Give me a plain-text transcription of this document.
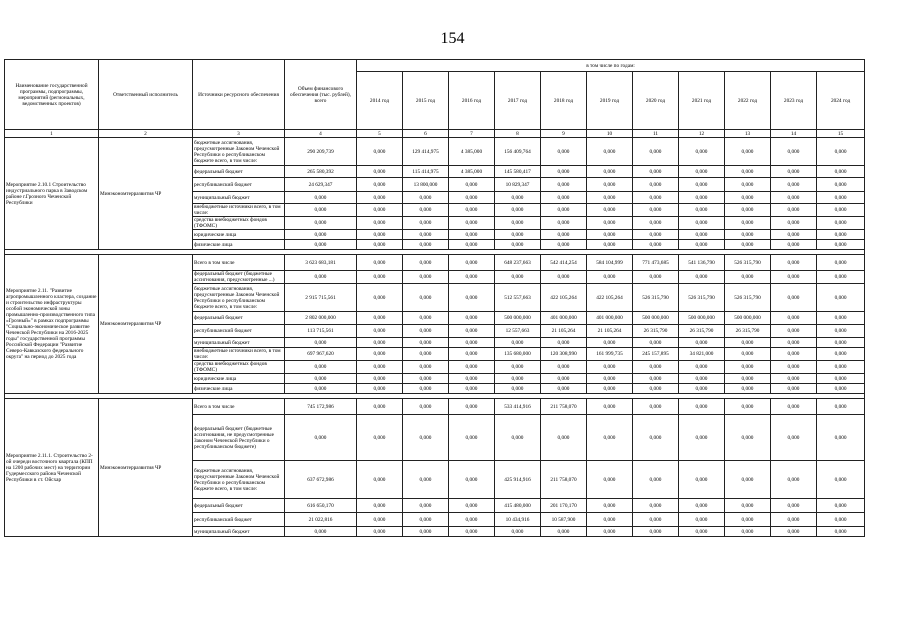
154
Наименование государственной программы, подпрограммы, мероприятий (региональных, ведомственных проектов)	Ответственный исполнитель	Источники ресурсного обеспечения	Объем финансового обеспечения (тыс. рублей), всего	в том числе по годам:										
				2014 год	2015 год	2016 год	2017 год	2018 год	2019 год	2020 год	2021 год	2022 год	2023 год	2024 год
1	2	3	4	5	6	7	8	9	10	11	12	13	14	15
Мероприятие 2.10.1 Строительство индустриального парка в Заводском районе г.Грозного Чеченской Республики	Минэкономтерразвития ЧР	бюджетные ассигнования, предусмотренные Законом Чеченской Республики о республиканском бюджете всего, в том числе:	290 209,739	0,000	129 414,975	4 385,000	156 409,764	0,000	0,000	0,000	0,000	0,000	0,000	0,000
		федеральный бюджет	265 580,392	0,000	115 414,975	4 385,000	145 580,417	0,000	0,000	0,000	0,000	0,000	0,000	0,000
		республиканский бюджет	24 629,347	0,000	13 800,000	0,000	10 829,347	0,000	0,000	0,000	0,000	0,000	0,000	0,000
		муниципальный бюджет	0,000	0,000	0,000	0,000	0,000	0,000	0,000	0,000	0,000	0,000	0,000	0,000
		внебюджетные источники всего, в том числе:	0,000	0,000	0,000	0,000	0,000	0,000	0,000	0,000	0,000	0,000	0,000	0,000
		средства внебюджетных фондов (ТФОМС)	0,000	0,000	0,000	0,000	0,000	0,000	0,000	0,000	0,000	0,000	0,000	0,000
		юридические лица	0,000	0,000	0,000	0,000	0,000	0,000	0,000	0,000	0,000	0,000	0,000	0,000
		физические лица	0,000	0,000	0,000	0,000	0,000	0,000	0,000	0,000	0,000	0,000	0,000	0,000

Мероприятие 2.11. "Развитие агропромышленного кластера, создание и строительство инфраструктуры особой экономической зоны промышленно-производственного типа «Грозный»" в рамках подпрограммы "Социально-экономическое развитие Чеченской Республики на 2016-2025 годы" государственной программы Российской Федерации "Развитие Северо-Кавказского федерального округа" на период до 2025 года	Минэкономтерразвития ЧР	Всего в том числе	3 623 683,181	0,000	0,000	0,000	648 237,663	542 414,254	584 104,999	771 473,685	541 136,790	526 315,790	0,000	0,000
		федеральный бюджет (бюджетные ассигнования, предусмотренные ...)	0,000	0,000	0,000	0,000	0,000	0,000	0,000	0,000	0,000	0,000	0,000	0,000
		бюджетные ассигнования, предусмотренные Законом Чеченской Республики о республиканском бюджете всего, в том числе:	2 915 715,561	0,000	0,000	0,000	512 557,663	422 105,264	422 105,264	526 315,790	526 315,790	526 315,790	0,000	0,000
		федеральный бюджет	2 802 000,000	0,000	0,000	0,000	500 000,000	401 000,000	401 000,000	500 000,000	500 000,000	500 000,000	0,000	0,000
		республиканский бюджет	113 715,561	0,000	0,000	0,000	12 557,663	21 105,264	21 105,264	26 315,790	26 315,790	26 315,790	0,000	0,000
		муниципальный бюджет	0,000	0,000	0,000	0,000	0,000	0,000	0,000	0,000	0,000	0,000	0,000	0,000
		внебюджетные источники всего, в том числе:	697 967,620	0,000	0,000	0,000	135 680,000	120 308,990	161 999,735	245 157,895	34 821,000	0,000	0,000	0,000
		средства внебюджетных фондов (ТФОМС)	0,000	0,000	0,000	0,000	0,000	0,000	0,000	0,000	0,000	0,000	0,000	0,000
		юридические лица	0,000	0,000	0,000	0,000	0,000	0,000	0,000	0,000	0,000	0,000	0,000	0,000
		физические лица	0,000	0,000	0,000	0,000	0,000	0,000	0,000	0,000	0,000	0,000	0,000	0,000

Мероприятие 2.11.1. Строительство 2-ой очереди восточного квартала (КПП на 1200 рабочих мест) на территории Гудермесского района Чеченской Республики в ст. Ойсхар	Минэкономтерразвития ЧР	Всего в том числе	745 172,986	0,000	0,000	0,000	533 414,916	211 758,070	0,000	0,000	0,000	0,000	0,000	0,000
		федеральный бюджет (бюджетные ассигнования, не предусмотренные Законом Чеченской Республики о республиканском бюджете)	0,000	0,000	0,000	0,000	0,000	0,000	0,000	0,000	0,000	0,000	0,000	0,000
		бюджетные ассигнования, предусмотренные Законом Чеченской Республики о республиканском бюджете всего, в том числе:	637 672,986	0,000	0,000	0,000	425 914,916	211 758,070	0,000	0,000	0,000	0,000	0,000	0,000
		федеральный бюджет	616 650,170	0,000	0,000	0,000	415 480,000	201 170,170	0,000	0,000	0,000	0,000	0,000	0,000
		республиканский бюджет	21 022,816	0,000	0,000	0,000	10 434,916	10 587,900	0,000	0,000	0,000	0,000	0,000	0,000
		муниципальный бюджет	0,000	0,000	0,000	0,000	0,000	0,000	0,000	0,000	0,000	0,000	0,000	0,000
